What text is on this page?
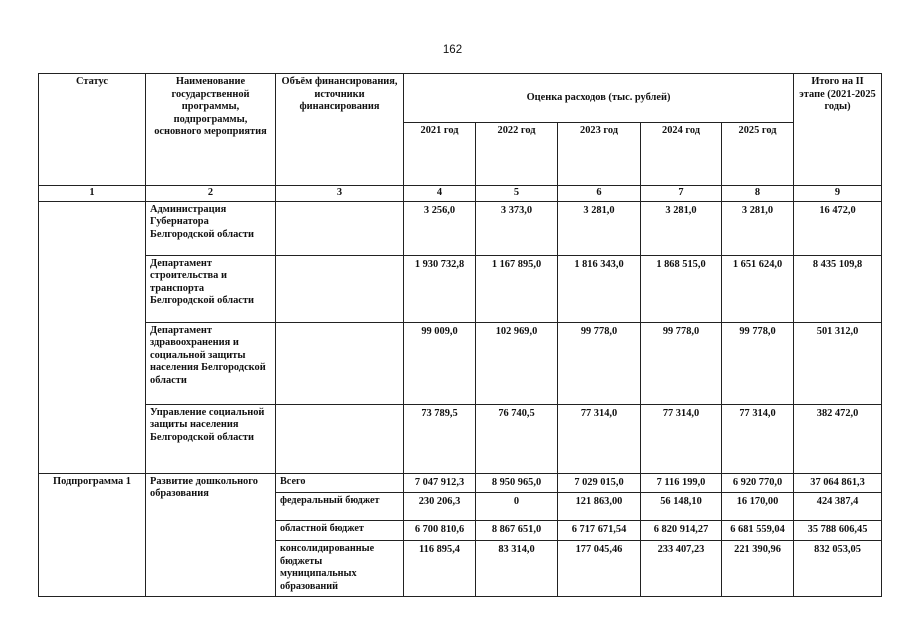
162
Статус	Наименование государственной программы, подпрограммы, основного мероприятия	Объём финансирования, источники финансирования	Оценка расходов (тыс. рублей)					Итого на II этапе (2021-2025 годы)
			2021 год	2022 год	2023 год	2024 год	2025 год	
1	2	3	4	5	6	7	8	9
	Администрация Губернатора Белгородской области		3 256,0	3 373,0	3 281,0	3 281,0	3 281,0	16 472,0
	Департамент строительства и транспорта Белгородской области		1 930 732,8	1 167 895,0	1 816 343,0	1 868 515,0	1 651 624,0	8 435 109,8
	Департамент здравоохранения и социальной защиты населения Белгородской области		99 009,0	102 969,0	99 778,0	99 778,0	99 778,0	501 312,0
	Управление социальной защиты населения Белгородской области		73 789,5	76 740,5	77 314,0	77 314,0	77 314,0	382 472,0
Подпрограмма 1	Развитие дошкольного образования	Всего	7 047 912,3	8 950 965,0	7 029 015,0	7 116 199,0	6 920 770,0	37 064 861,3
		федеральный бюджет	230 206,3	0	121 863,00	56 148,10	16 170,00	424 387,4
		областной бюджет	6 700 810,6	8 867 651,0	6 717 671,54	6 820 914,27	6 681 559,04	35 788 606,45
		консолидированные бюджеты муниципальных образований	116 895,4	83 314,0	177 045,46	233 407,23	221 390,96	832 053,05
